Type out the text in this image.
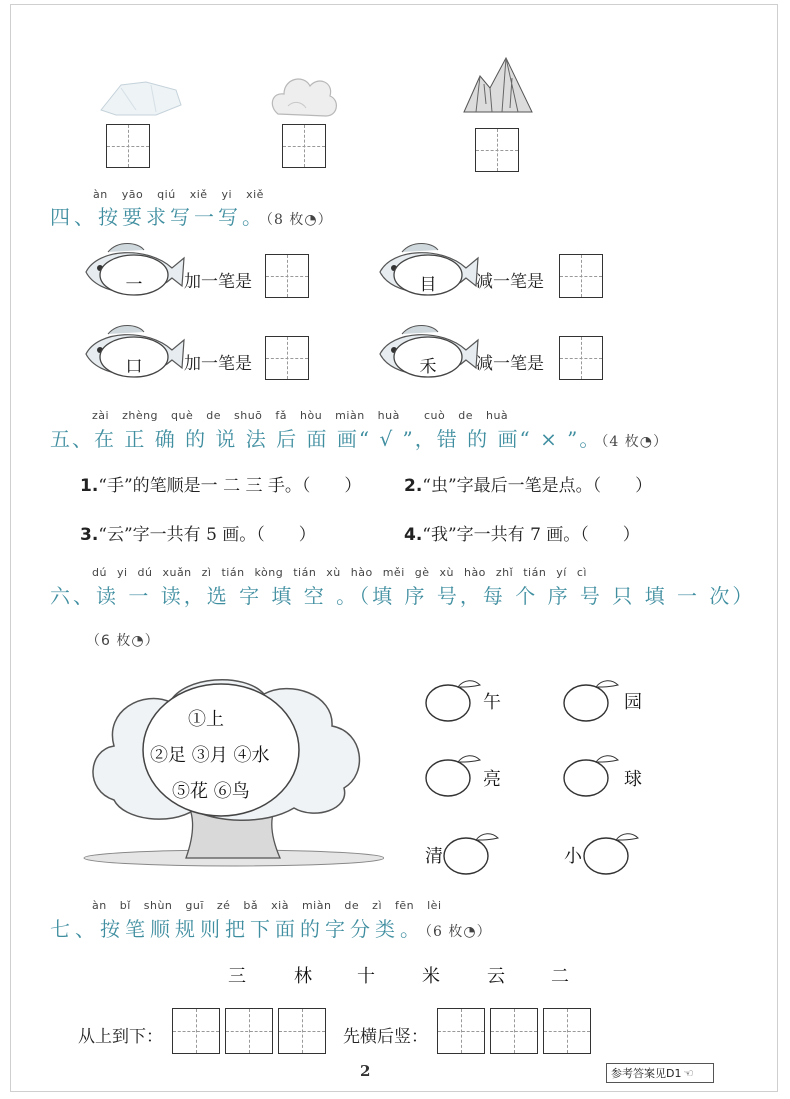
àn yāo qiú xiě yi xiě
四、按要求写一写。（8 枚◔）
一	加一笔是	目	减一笔是
口	加一笔是	禾	减一笔是
zài zhèng què de shuō fǎ hòu miàn huà cuò de huà
五、在 正 确 的 说 法 后 面 画“ √ ”，错 的 画“ × ”。（4 枚◔）
1.“手”的笔顺是⼀ ⼆ 三 手。（　　）	2.“虫”字最后一笔是点。（　　）
3.“云”字一共有 5 画。（　　）	4.“我”字一共有 7 画。（　　）
dú yi dú xuǎn zì tián kòng tián xù hào měi gè xù hào zhǐ tián yí cì
六、读 一 读，选 字 填 空 。（填 序 号，每 个 序 号 只 填 一 次）
（6 枚◔）
①上
②足 ③月 ④水
⑤花 ⑥鸟
午	园
亮	球
清	小
àn bǐ shùn guī zé bǎ xià miàn de zì fēn lèi
七、按笔顺规则把下面的字分类。（6 枚◔）
三	林	十	米	云	二
从上到下：	先横后竖：
2	参考答案见D1 ☜
